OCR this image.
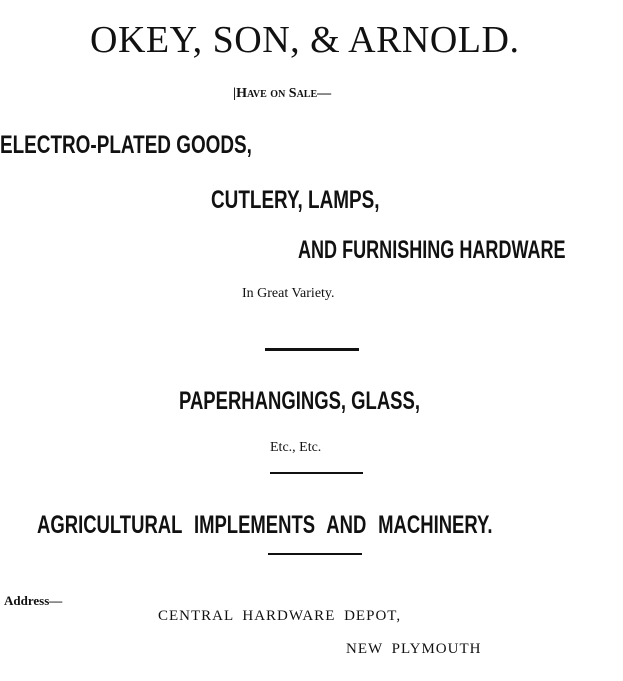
OKEY, SON, & ARNOLD.
|Have on Sale—
ELECTRO-PLATED GOODS,
CUTLERY, LAMPS,
AND FURNISHING HARDWARE
In Great Variety.
PAPERHANGINGS, GLASS,
Etc., Etc.
AGRICULTURAL IMPLEMENTS AND MACHINERY.
Address—
CENTRAL HARDWARE DEPOT,
NEW PLYMOUTH
